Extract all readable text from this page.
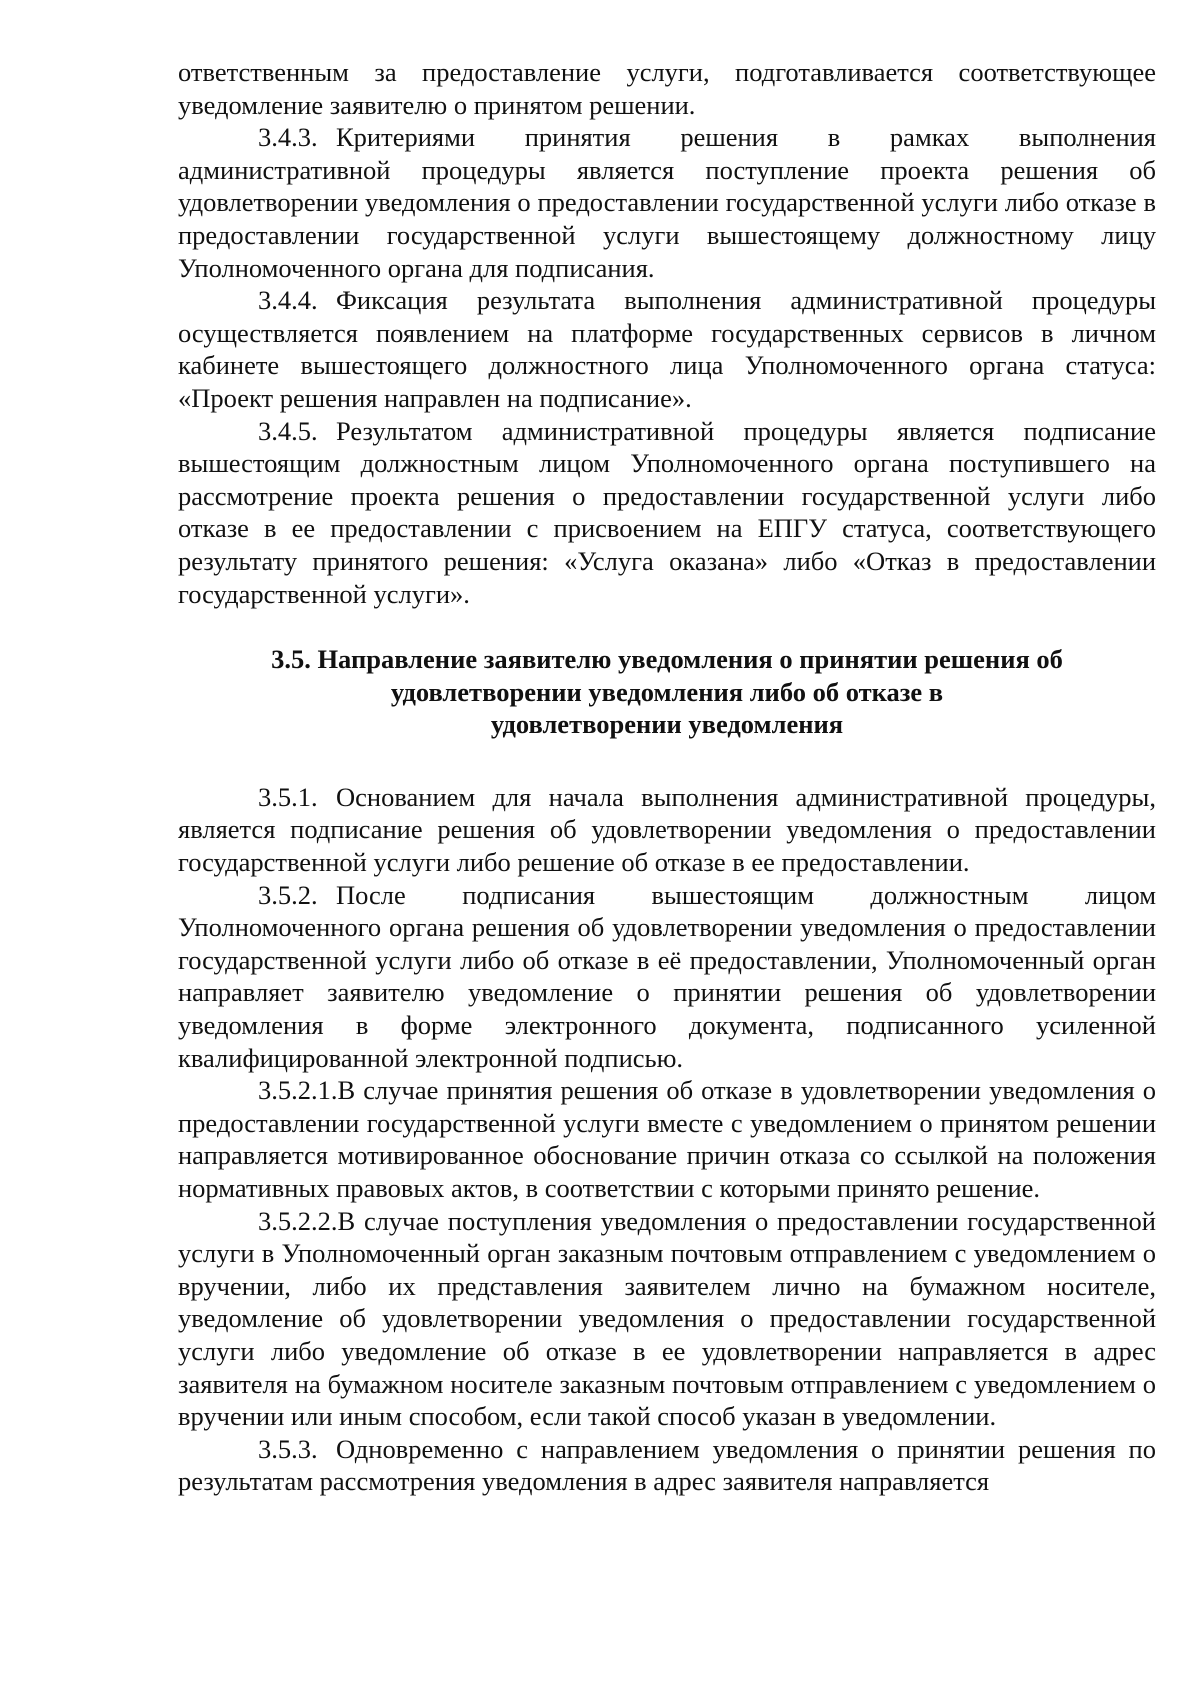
ответственным за предоставление услуги, подготавливается соответствующее уведомление заявителю о принятом решении.

3.4.3. Критериями принятия решения в рамках выполнения административной процедуры является поступление проекта решения об удовлетворении уведомления о предоставлении государственной услуги либо отказе в предоставлении государственной услуги вышестоящему должностному лицу Уполномоченного органа для подписания.

3.4.4. Фиксация результата выполнения административной процедуры осуществляется появлением на платформе государственных сервисов в личном кабинете вышестоящего должностного лица Уполномоченного органа статуса: «Проект решения направлен на подписание».

3.4.5. Результатом административной процедуры является подписание вышестоящим должностным лицом Уполномоченного органа поступившего на рассмотрение проекта решения о предоставлении государственной услуги либо отказе в ее предоставлении с присвоением на ЕПГУ статуса, соответствующего результату принятого решения: «Услуга оказана» либо «Отказ в предоставлении государственной услуги».

3.5. Направление заявителю уведомления о принятии решения об
удовлетворении уведомления либо об отказе в
удовлетворении уведомления

3.5.1. Основанием для начала выполнения административной процедуры, является подписание решения об удовлетворении уведомления о предоставлении государственной услуги либо решение об отказе в ее предоставлении.

3.5.2. После подписания вышестоящим должностным лицом Уполномоченного органа решения об удовлетворении уведомления о предоставлении государственной услуги либо об отказе в её предоставлении, Уполномоченный орган направляет заявителю уведомление о принятии решения об удовлетворении уведомления в форме электронного документа, подписанного усиленной квалифицированной электронной подписью.

3.5.2.1.В случае принятия решения об отказе в удовлетворении уведомления о предоставлении государственной услуги вместе с уведомлением о принятом решении направляется мотивированное обоснование причин отказа со ссылкой на положения нормативных правовых актов, в соответствии с которыми принято решение.

3.5.2.2.В случае поступления уведомления о предоставлении государственной услуги в Уполномоченный орган заказным почтовым отправлением с уведомлением о вручении, либо их представления заявителем лично на бумажном носителе, уведомление об удовлетворении уведомления о предоставлении государственной услуги либо уведомление об отказе в ее удовлетворении направляется в адрес заявителя на бумажном носителе заказным почтовым отправлением с уведомлением о вручении или иным способом, если такой способ указан в уведомлении.

3.5.3. Одновременно с направлением уведомления о принятии решения по результатам рассмотрения уведомления в адрес заявителя направляется
